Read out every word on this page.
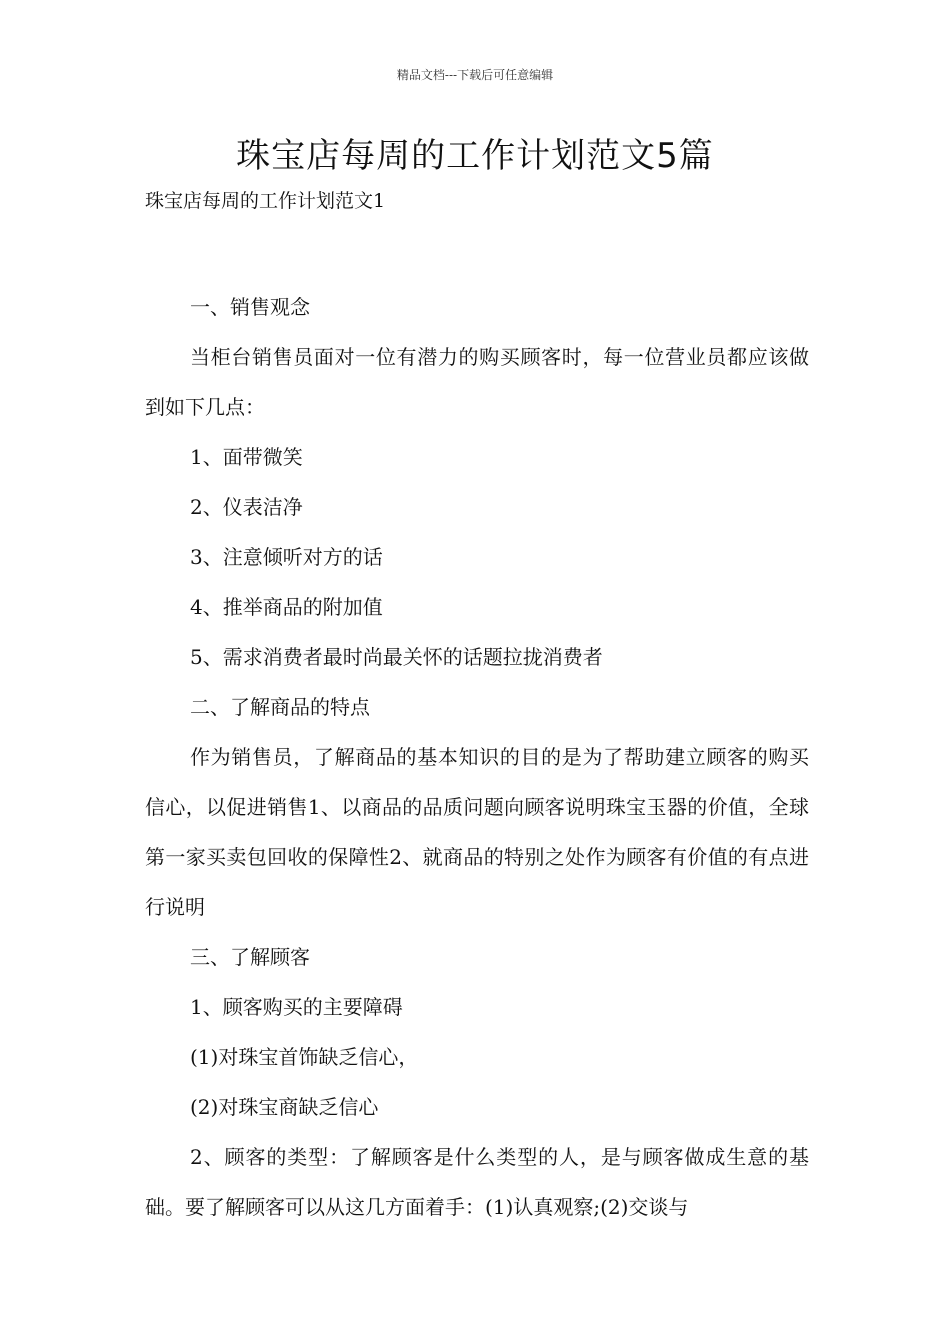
精品文档---下载后可任意编辑
珠宝店每周的工作计划范文5篇
珠宝店每周的工作计划范文1

一、销售观念

当柜台销售员面对一位有潜力的购买顾客时，每一位营业员都应该做到如下几点：

1、面带微笑

2、仪表洁净

3、注意倾听对方的话

4、推举商品的附加值

5、需求消费者最时尚最关怀的话题拉拢消费者

二、了解商品的特点

作为销售员，了解商品的基本知识的目的是为了帮助建立顾客的购买信心，以促进销售1、以商品的品质问题向顾客说明珠宝玉器的价值，全球第一家买卖包回收的保障性2、就商品的特别之处作为顾客有价值的有点进行说明

三、了解顾客

1、顾客购买的主要障碍

(1)对珠宝首饰缺乏信心，

(2)对珠宝商缺乏信心

2、顾客的类型：了解顾客是什么类型的人，是与顾客做成生意的基础。要了解顾客可以从这几方面着手：(1)认真观察;(2)交谈与
